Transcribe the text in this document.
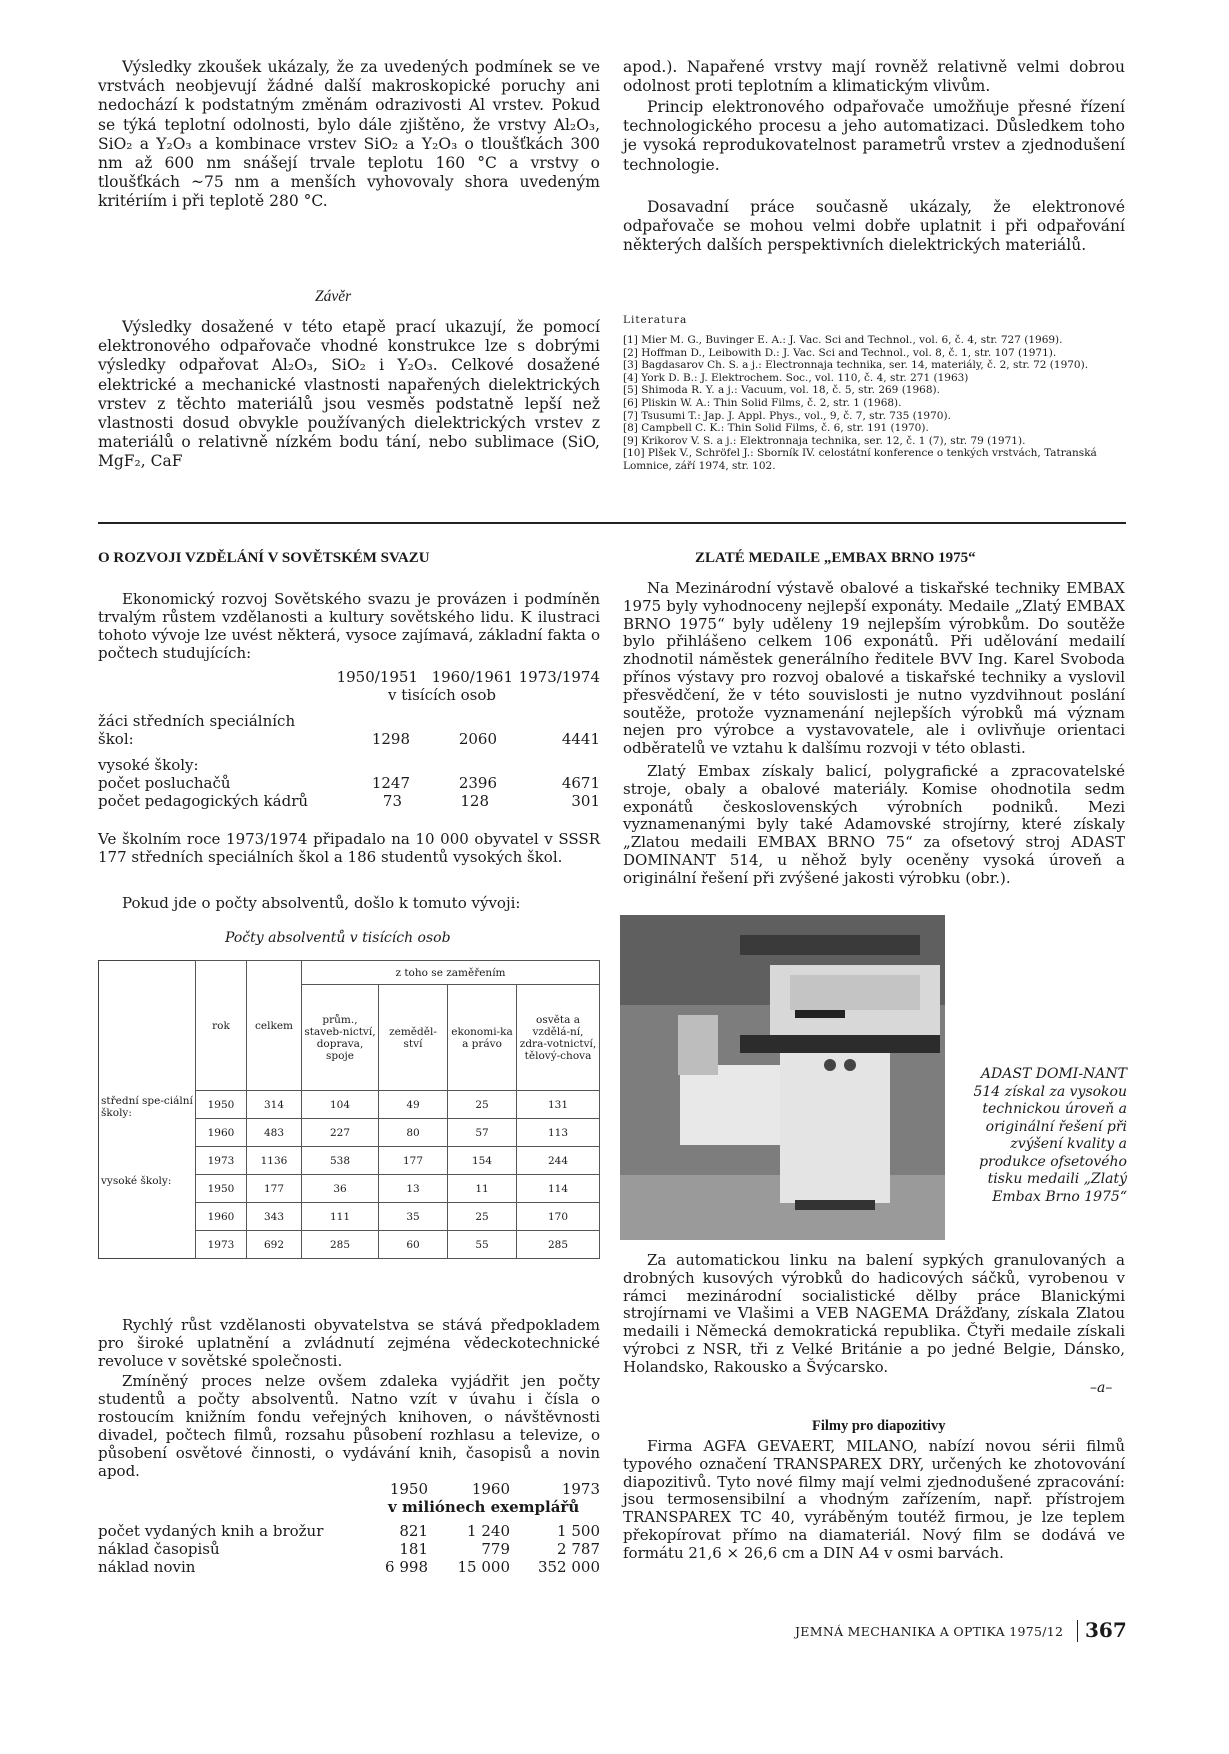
Výsledky zkoušek ukázaly, že za uvedených podmínek se ve vrstvách neobjevují žádné další makroskopické poruchy ani nedochází k podstatným změnám odrazivosti Al vrstev. Pokud se týká teplotní odolnosti, bylo dále zjištěno, že vrstvy Al₂O₃, SiO₂ a Y₂O₃ a kombinace vrstev SiO₂ a Y₂O₃ o tloušťkách 300 nm až 600 nm snášejí trvale teplotu 160 °C a vrstvy o tloušťkách ~75 nm a menších vyhovovaly shora uvedeným kritériím i při teplotě 280 °C.

Závěr

Výsledky dosažené v této etapě prací ukazují, že pomocí elektronového odpařovače vhodné konstrukce lze s dobrými výsledky odpařovat Al₂O₃, SiO₂ i Y₂O₃. Celkové dosažené elektrické a mechanické vlastnosti napařených dielektrických vrstev z těchto materiálů jsou vesměs podstatně lepší než vlastnosti dosud obvykle používaných dielektrických vrstev z materiálů o relativně nízkém bodu tání, nebo sublimace (SiO, MgF₂, CaF

apod.). Napařené vrstvy mají rovněž relativně velmi dobrou odolnost proti teplotním a klimatickým vlivům.

Princip elektronového odpařovače umožňuje přesné řízení technologického procesu a jeho automatizaci. Důsledkem toho je vysoká reprodukovatelnost parametrů vrstev a zjednodušení technologie.

Dosavadní práce současně ukázaly, že elektronové odpařovače se mohou velmi dobře uplatnit i při odpařování některých dalších perspektivních dielektrických materiálů.

Literatura

[1] Mier M. G., Buvinger E. A.: J. Vac. Sci and Technol., vol. 6, č. 4, str. 727 (1969).
[2] Hoffman D., Leibowith D.: J. Vac. Sci and Technol., vol. 8, č. 1, str. 107 (1971).
[3] Bagdasarov Ch. S. a j.: Electronnaja technika, ser. 14, materiály, č. 2, str. 72 (1970).
[4] York D. B.: J. Elektrochem. Soc., vol. 110, č. 4, str. 271 (1963)
[5] Shimoda R. Y. a j.: Vacuum, vol. 18, č. 5, str. 269 (1968).
[6] Pliskin W. A.: Thin Solid Films, č. 2, str. 1 (1968).
[7] Tsusumi T.: Jap. J. Appl. Phys., vol., 9, č. 7, str. 735 (1970).
[8] Campbell C. K.: Thin Solid Films, č. 6, str. 191 (1970).
[9] Krikorov V. S. a j.: Elektronnaja technika, ser. 12, č. 1 (7), str. 79 (1971).
[10] Plšek V., Schröfel J.: Sborník IV. celostátní konference o tenkých vrstvách, Tatranská Lomnice, září 1974, str. 102.

O ROZVOJI VZDĚLÁNÍ V SOVĚTSKÉM SVAZU

Ekonomický rozvoj Sovětského svazu je provázen i podmíněn trvalým růstem vzdělanosti a kultury sovětského lidu. K ilustraci tohoto vývoje lze uvést některá, vysoce zajímavá, základní fakta o počtech studujících:

	1950/1951	1960/1961	1973/1974
	v tisících osob		
žáci středních speciálních			
škol:	1298	2060	4441
vysoké školy:			
počet posluchačů	1247	2396	4671
počet pedagogických kádrů	73	128	301

Ve školním roce 1973/1974 připadalo na 10 000 obyvatel v SSSR 177 středních speciálních škol a 186 studentů vysokých škol.

Pokud jde o počty absolventů, došlo k tomuto vývoji:

Počty absolventů v tisících osob

	rok	celkem	z toho se zaměřením			
			prům., staveb-nictví, doprava, spoje	zeměděl-ství	ekonomi-ka a právo	osvěta a vzdělá-ní, zdra-votnictví, tělový-chova
střední spe-ciální školy:	1950	314	104	49	25	131
	1960	483	227	80	57	113
	1973	1136	538	177	154	244
vysoké školy:	1950	177	36	13	11	114
	1960	343	111	35	25	170
	1973	692	285	60	55	285

Rychlý růst vzdělanosti obyvatelstva se stává předpokladem pro široké uplatnění a zvládnutí zejména vědeckotechnické revoluce v sovětské společnosti.

Zmíněný proces nelze ovšem zdaleka vyjádřit jen počty studentů a počty absolventů. Natno vzít v úvahu i čísla o rostoucím knižním fondu veřejných knihoven, o návštěvnosti divadel, počtech filmů, rozsahu působení rozhlasu a televize, o působení osvětové činnosti, o vydávání knih, časopisů a novin apod.

	1950	1960	1973
	v miliónech exemplářů		
počet vydaných knih a brožur	821	1 240	1 500
náklad časopisů	181	779	2 787
náklad novin	6 998	15 000	352 000

ZLATÉ MEDAILE „EMBAX BRNO 1975“

Na Mezinárodní výstavě obalové a tiskařské techniky EMBAX 1975 byly vyhodnoceny nejlepší exponáty. Medaile „Zlatý EMBAX BRNO 1975“ byly uděleny 19 nejlepším výrobkům. Do soutěže bylo přihlášeno celkem 106 exponátů. Při udělování medailí zhodnotil náměstek generálního ředitele BVV Ing. Karel Svoboda přínos výstavy pro rozvoj obalové a tiskařské techniky a vyslovil přesvědčení, že v této souvislosti je nutno vyzdvihnout poslání soutěže, protože vyznamenání nejlepších výrobků má význam nejen pro výrobce a vystavovatele, ale i ovlivňuje orientaci odběratelů ve vztahu k dalšímu rozvoji v této oblasti.

Zlatý Embax získaly balicí, polygrafické a zpracovatelské stroje, obaly a obalové materiály. Komise ohodnotila sedm exponátů československých výrobních podniků. Mezi vyznamenanými byly také Adamovské strojírny, které získaly „Zlatou medaili EMBAX BRNO 75“ za ofsetový stroj ADAST DOMINANT 514, u něhož byly oceněny vysoká úroveň a originální řešení při zvýšené jakosti výrobku (obr.).

ADAST DOMI-NANT 514 získal za vysokou technickou úroveň a originální řešení při zvýšení kvality a produkce ofsetového tisku medaili „Zlatý Embax Brno 1975“

Za automatickou linku na balení sypkých granulovaných a drobných kusových výrobků do hadicových sáčků, vyrobenou v rámci mezinárodní socialistické dělby práce Blanickými strojírnami ve Vlašimi a VEB NAGEMA Drážďany, získala Zlatou medaili i Německá demokratická republika. Čtyři medaile získali výrobci z NSR, tři z Velké Británie a po jedné Belgie, Dánsko, Holandsko, Rakousko a Švýcarsko.

–a–

Filmy pro diapozitivy

Firma AGFA GEVAERT, MILANO, nabízí novou sérii filmů typového označení TRANSPAREX DRY, určených ke zhotovování diapozitivů. Tyto nové filmy mají velmi zjednodušené zpracování: jsou termosensibilní a vhodným zařízením, např. přístrojem TRANSPAREX TC 40, vyráběným toutéž firmou, je lze teplem překopírovat přímo na diamateriál. Nový film se dodává ve formátu 21,6 × 26,6 cm a DIN A4 v osmi barvách.

JEMNÁ MECHANIKA A OPTIKA 1975/12 367
